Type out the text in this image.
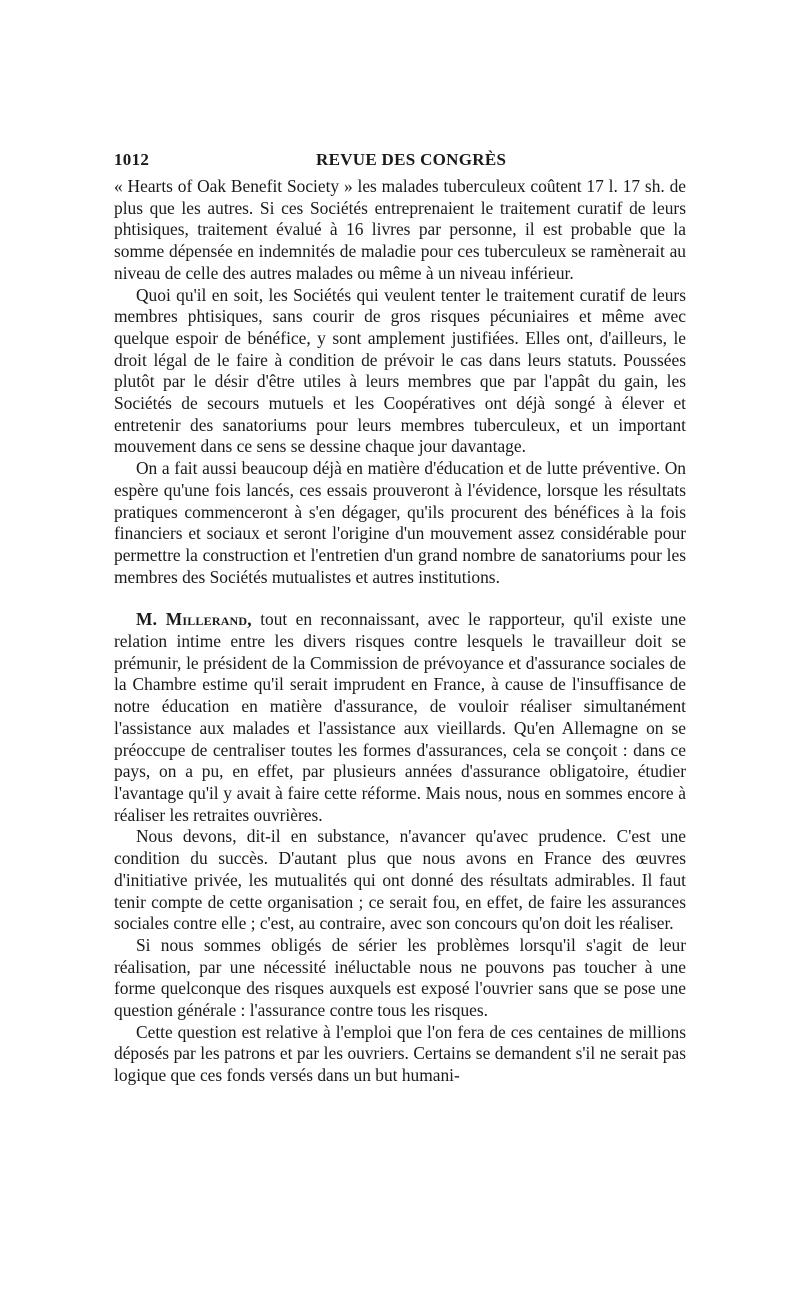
1012	REVUE DES CONGRÈS

« Hearts of Oak Benefit Society » les malades tuberculeux coûtent 17 l. 17 sh. de plus que les autres. Si ces Sociétés entreprenaient le traitement curatif de leurs phtisiques, traitement évalué à 16 livres par personne, il est probable que la somme dépensée en indemnités de maladie pour ces tuberculeux se ramènerait au niveau de celle des autres malades ou même à un niveau inférieur.

Quoi qu'il en soit, les Sociétés qui veulent tenter le traitement curatif de leurs membres phtisiques, sans courir de gros risques pécuniaires et même avec quelque espoir de bénéfice, y sont amplement justifiées. Elles ont, d'ailleurs, le droit légal de le faire à condition de prévoir le cas dans leurs statuts. Poussées plutôt par le désir d'être utiles à leurs membres que par l'appât du gain, les Sociétés de secours mutuels et les Coopératives ont déjà songé à élever et entretenir des sanatoriums pour leurs membres tuberculeux, et un important mouvement dans ce sens se dessine chaque jour davantage.

On a fait aussi beaucoup déjà en matière d'éducation et de lutte préventive. On espère qu'une fois lancés, ces essais prouveront à l'évidence, lorsque les résultats pratiques commenceront à s'en dégager, qu'ils procurent des bénéfices à la fois financiers et sociaux et seront l'origine d'un mouvement assez considérable pour permettre la construction et l'entretien d'un grand nombre de sanatoriums pour les membres des Sociétés mutualistes et autres institutions.

M. Millerand, tout en reconnaissant, avec le rapporteur, qu'il existe une relation intime entre les divers risques contre lesquels le travailleur doit se prémunir, le président de la Commission de prévoyance et d'assurance sociales de la Chambre estime qu'il serait imprudent en France, à cause de l'insuffisance de notre éducation en matière d'assurance, de vouloir réaliser simultanément l'assistance aux malades et l'assistance aux vieillards. Qu'en Allemagne on se préoccupe de centraliser toutes les formes d'assurances, cela se conçoit : dans ce pays, on a pu, en effet, par plusieurs années d'assurance obligatoire, étudier l'avantage qu'il y avait à faire cette réforme. Mais nous, nous en sommes encore à réaliser les retraites ouvrières.

Nous devons, dit-il en substance, n'avancer qu'avec prudence. C'est une condition du succès. D'autant plus que nous avons en France des œuvres d'initiative privée, les mutualités qui ont donné des résultats admirables. Il faut tenir compte de cette organisation ; ce serait fou, en effet, de faire les assurances sociales contre elle ; c'est, au contraire, avec son concours qu'on doit les réaliser.

Si nous sommes obligés de sérier les problèmes lorsqu'il s'agit de leur réalisation, par une nécessité inéluctable nous ne pouvons pas toucher à une forme quelconque des risques auxquels est exposé l'ouvrier sans que se pose une question générale : l'assurance contre tous les risques.

Cette question est relative à l'emploi que l'on fera de ces centaines de millions déposés par les patrons et par les ouvriers. Certains se demandent s'il ne serait pas logique que ces fonds versés dans un but humani-
